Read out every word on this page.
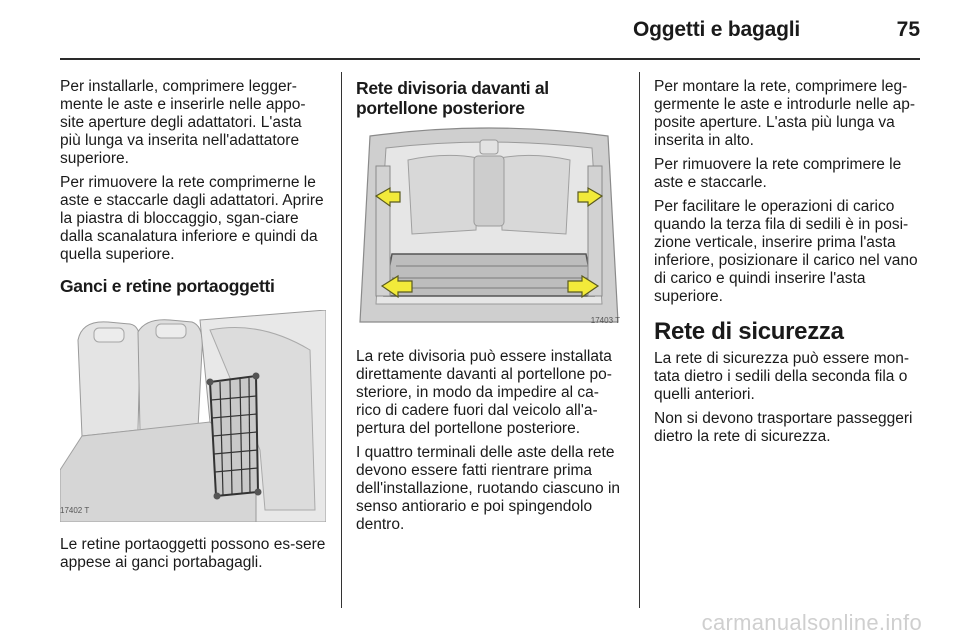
Oggetti e bagagli	75

Per installarle, comprimere legger-mente le aste e inserirle nelle appo-site aperture degli adattatori. L'asta più lunga va inserita nell'adattatore superiore.

Per rimuovere la rete comprimerne le aste e staccarle dagli adattatori. Aprire la piastra di bloccaggio, sgan-ciare dalla scanalatura inferiore e quindi da quella superiore.

Ganci e retine portaoggetti
17402 T

Le retine portaoggetti possono es-sere appese ai ganci portabagagli.

Rete divisoria davanti al portellone posteriore
17403 T

La rete divisoria può essere installata direttamente davanti al portellone po-steriore, in modo da impedire al ca-rico di cadere fuori dal veicolo all'a-pertura del portellone posteriore.

I quattro terminali delle aste della rete devono essere fatti rientrare prima dell'installazione, ruotando ciascuno in senso antiorario e poi spingendolo dentro.

Per montare la rete, comprimere leg-germente le aste e introdurle nelle ap-posite aperture. L'asta più lunga va inserita in alto.

Per rimuovere la rete comprimere le aste e staccarle.

Per facilitare le operazioni di carico quando la terza fila di sedili è in posi-zione verticale, inserire prima l'asta inferiore, posizionare il carico nel vano di carico e quindi inserire l'asta superiore.

Rete di sicurezza

La rete di sicurezza può essere mon-tata dietro i sedili della seconda fila o quelli anteriori.

Non si devono trasportare passeggeri dietro la rete di sicurezza.

carmanualsonline.info
